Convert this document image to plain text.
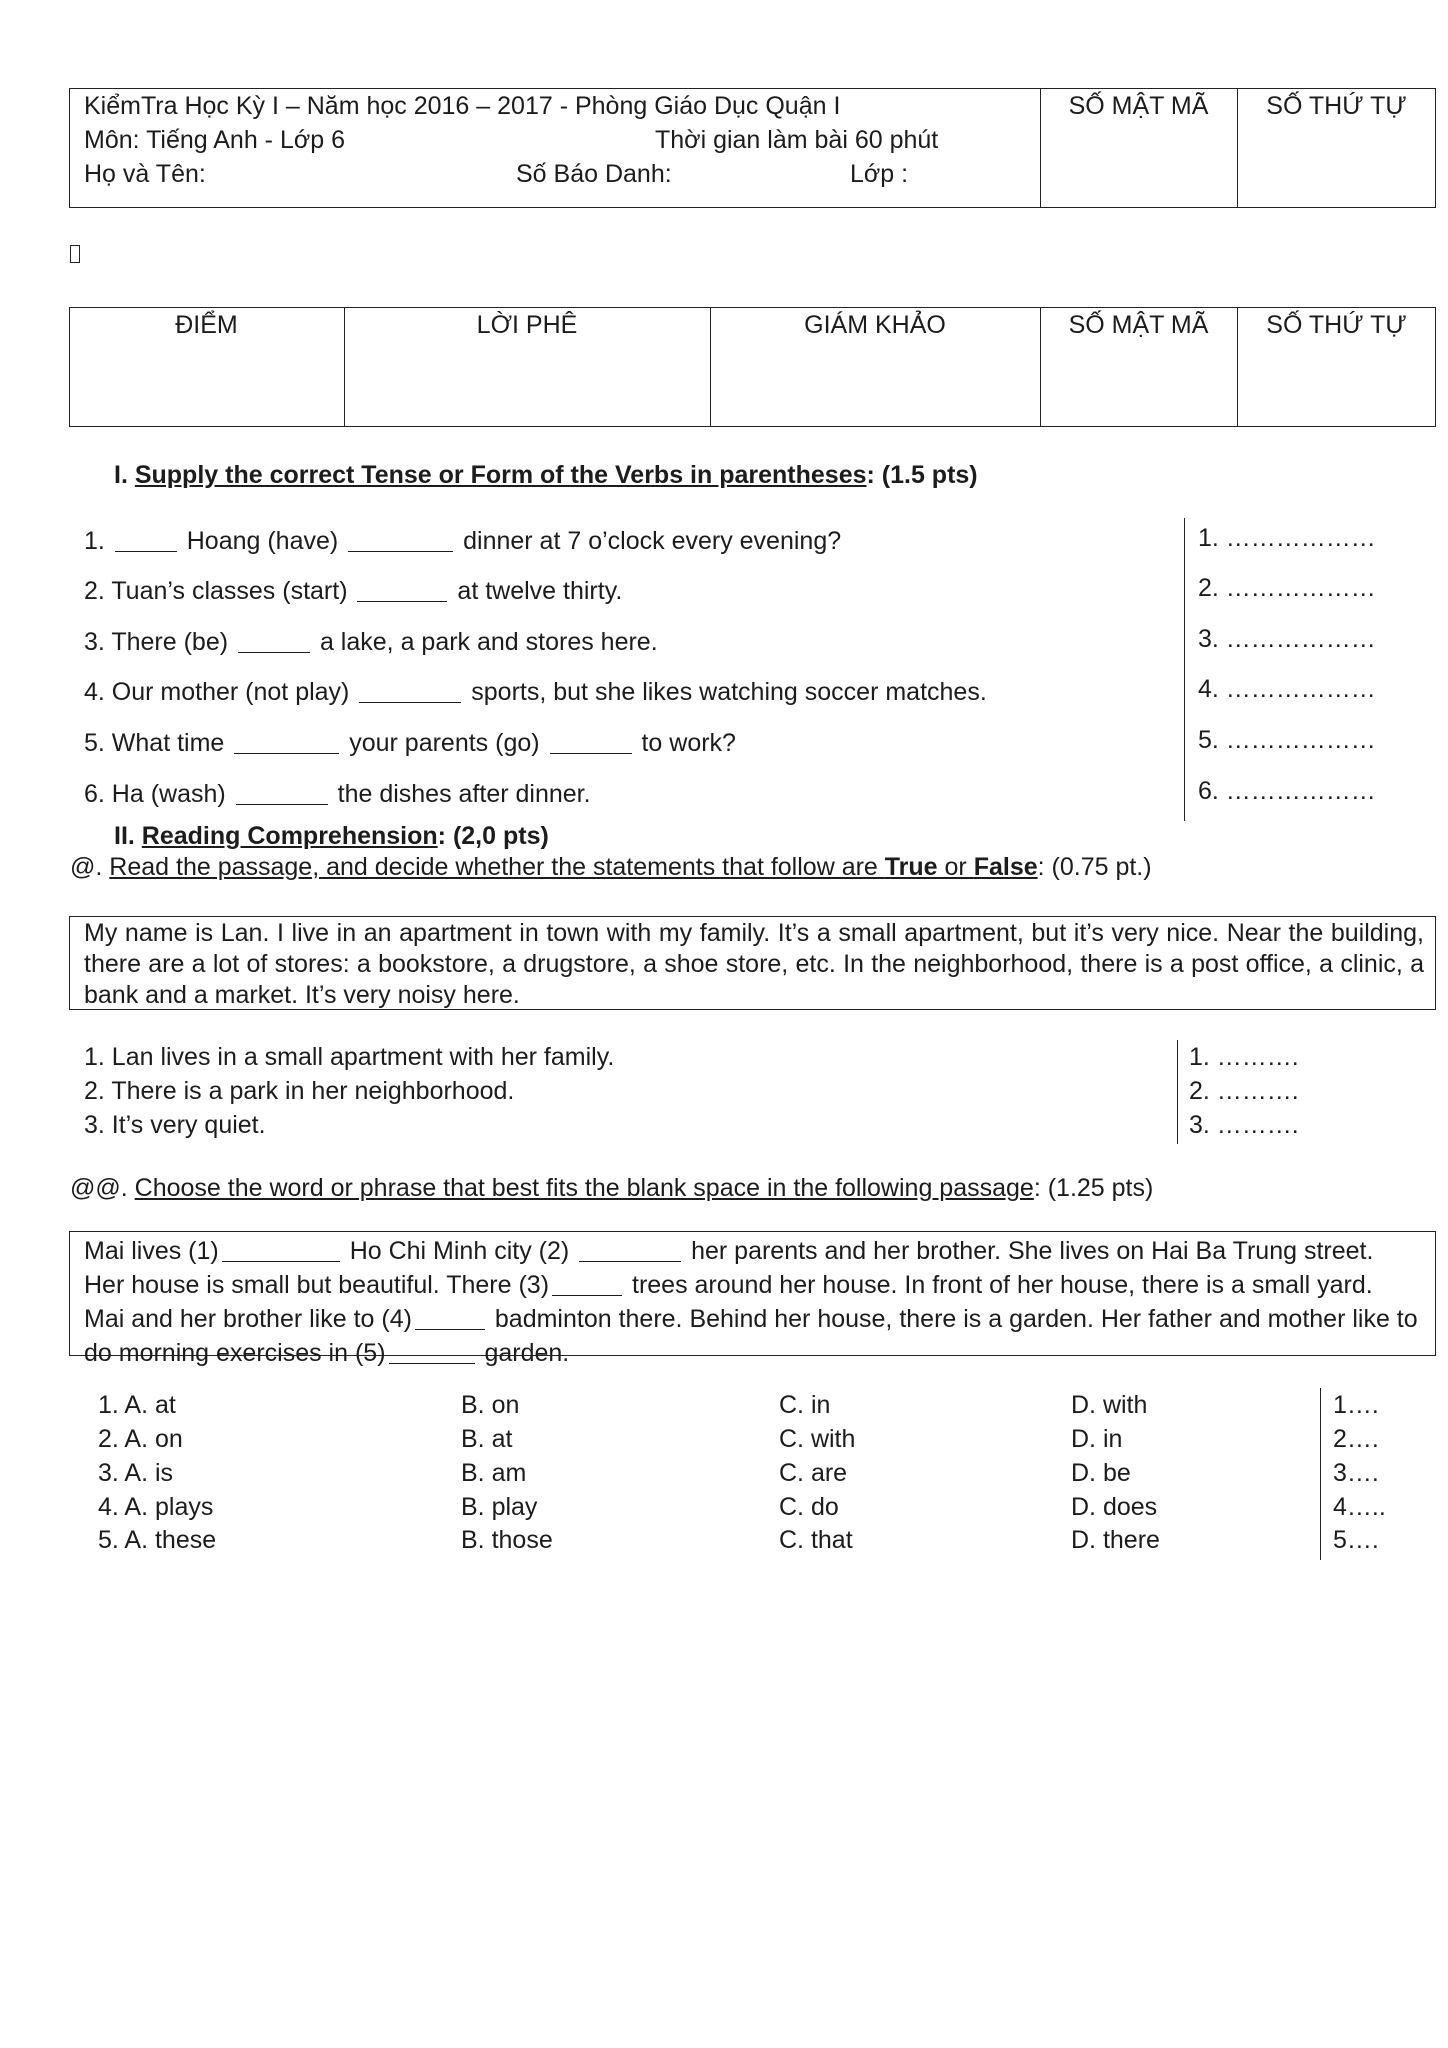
KiểmTra Học Kỳ I – Năm học 2016 – 2017 - Phòng Giáo Dục Quận I
Môn: Tiếng Anh - Lớp 6	Thời gian làm bài 60 phút
Họ và Tên:	Số Báo Danh:	Lớp :
SỐ MẬT MÃ	SỐ THỨ TỰ
ĐIỂM	LỜI PHÊ	GIÁM KHẢO	SỐ MẬT MÃ	SỐ THỨ TỰ
I. Supply the correct Tense or Form of the Verbs in parentheses: (1.5 pts)
1.	Hoang (have)	dinner at 7 o’clock every evening?
2. Tuan’s classes (start)	at twelve thirty.
3. There (be)	a lake, a park and stores here.
4. Our mother (not play)	sports, but she likes watching soccer matches.
5. What time	your parents (go)	to work?
6. Ha (wash)	the dishes after dinner.
1. ………………
2. ………………
3. ………………
4. ………………
5. ………………
6. ………………
II. Reading Comprehension: (2,0 pts)
@. Read the passage, and decide whether the statements that follow are True or False: (0.75 pt.)
My name is Lan. I live in an apartment in town with my family. It’s a small apartment, but it’s very nice. Near the building, there are a lot of stores: a bookstore, a drugstore, a shoe store, etc. In the neighborhood, there is a post office, a clinic, a bank and a market. It’s very noisy here.
1. Lan lives in a small apartment with her family.
2. There is a park in her neighborhood.
3. It’s very quiet.
1. ……….
2. ……….
3. ……….
@@. Choose the word or phrase that best fits the blank space in the following passage: (1.25 pts)
Mai lives (1)	Ho Chi Minh city (2)	her parents and her brother. She lives on Hai Ba Trung street. Her house is small but beautiful. There (3)	trees around her house. In front of her house, there is a small yard. Mai and her brother like to (4)	badminton there. Behind her house, there is a garden. Her father and mother like to do morning exercises in (5)	garden.
1. A. at	B. on	C. in	D. with
2. A. on	B. at	C. with	D. in
3. A. is	B. am	C. are	D. be
4. A. plays	B. play	C. do	D. does
5. A. these	B. those	C. that	D. there
1….
2….
3….
4…..
5….
